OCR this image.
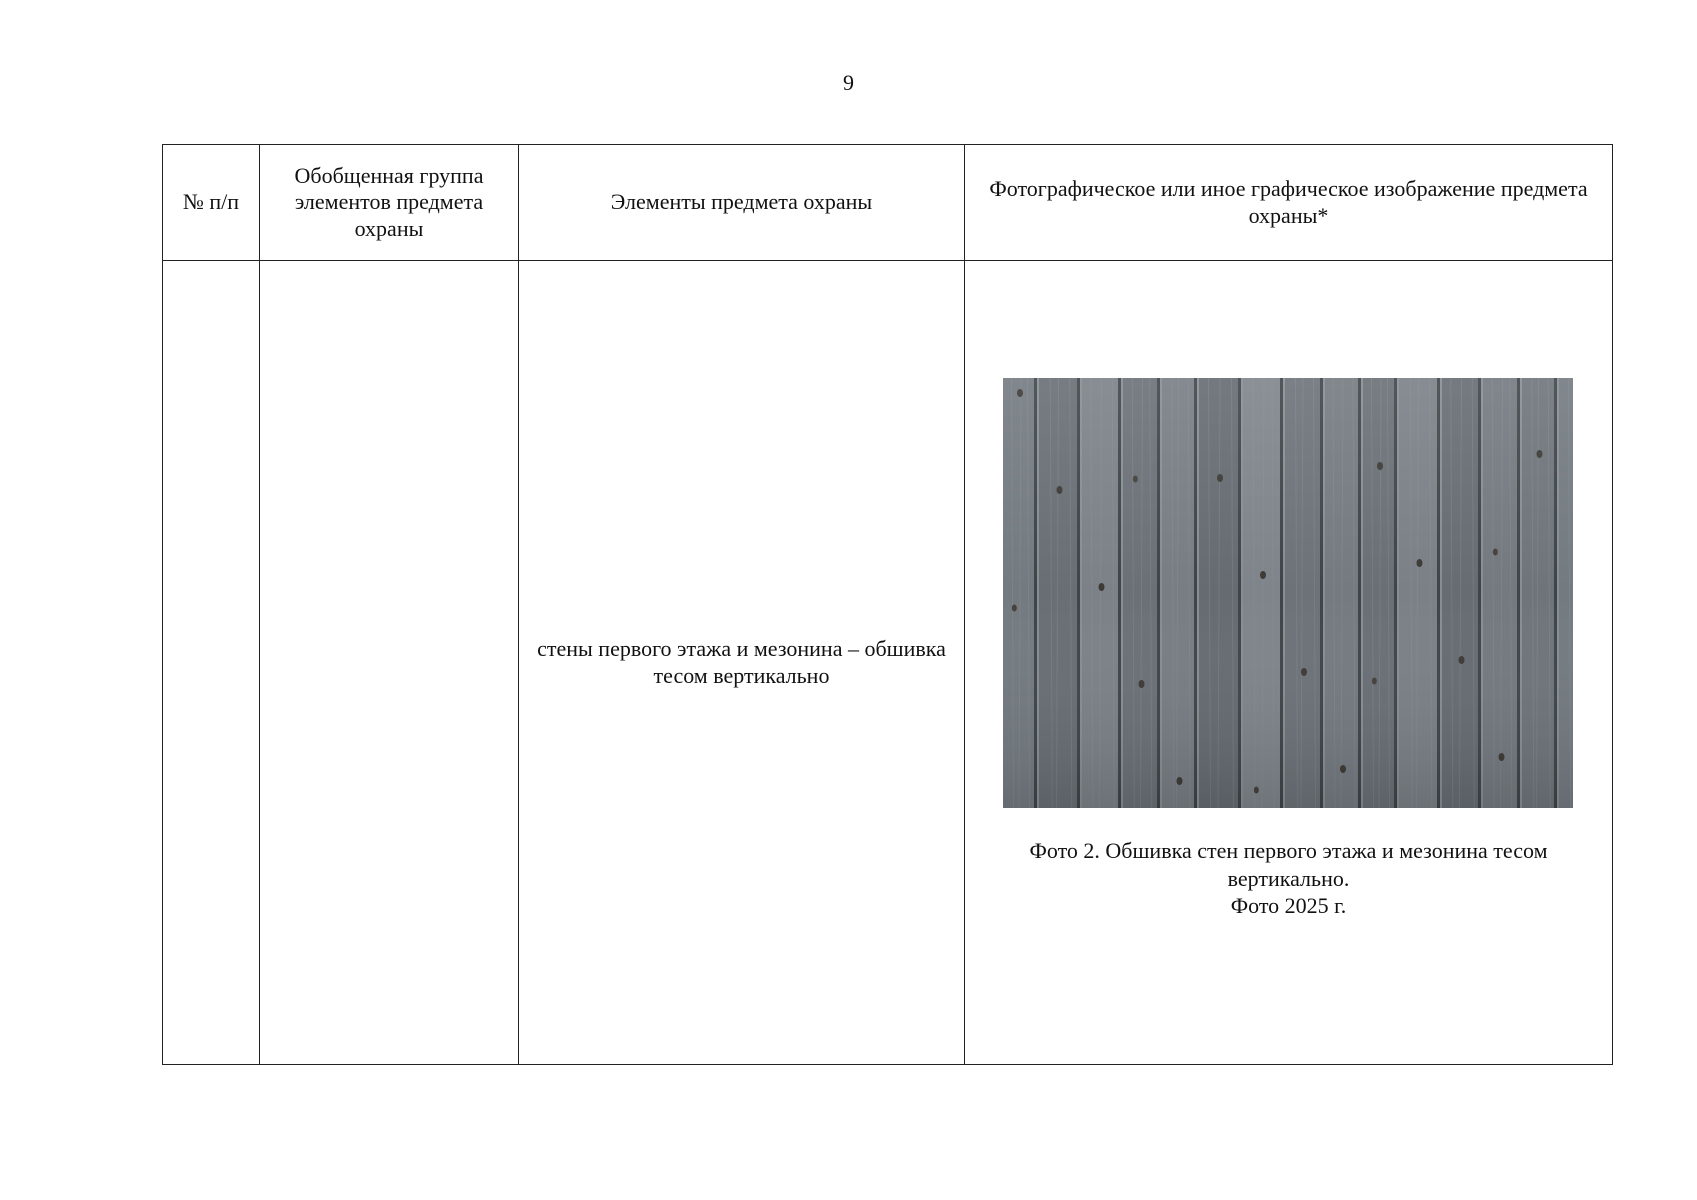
9
№ п/п	Обобщенная группа элементов предмета охраны	Элементы предмета охраны	Фотографическое или иное графическое изображение предмета охраны*
		стены первого этажа и мезонина – обшивка тесом вертикально	Фото 2. Обшивка стен первого этажа и мезонина тесом вертикально.
Фото 2025 г.
